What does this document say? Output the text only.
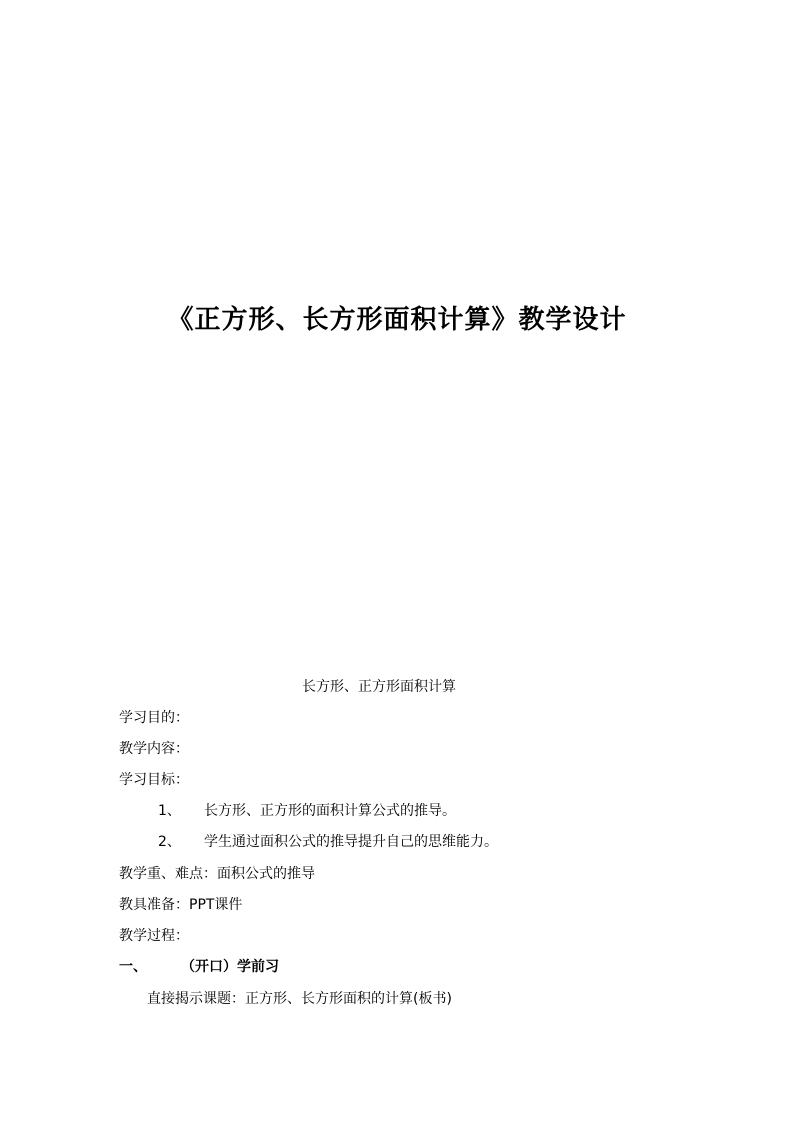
《正方形、长方形面积计算》教学设计
长方形、正方形面积计算
学习目的：
教学内容：
学习目标：
1、 长方形、正方形的面积计算公式的推导。
2、 学生通过面积公式的推导提升自己的思维能力。
教学重、难点：面积公式的推导
教具准备：PPT课件
教学过程：
一、 （开口）学前习
直接揭示课题：正方形、长方形面积的计算(板书)
